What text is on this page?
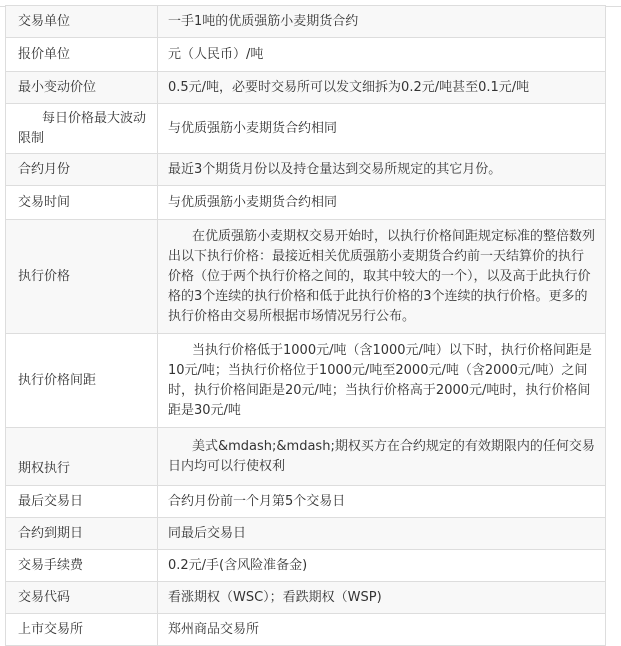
交易单位	一手1吨的优质强筋小麦期货合约
报价单位	元（人民币）/吨
最小变动价位	0.5元/吨，必要时交易所可以发文细拆为0.2元/吨甚至0.1元/吨
每日价格最大波动限制	与优质强筋小麦期货合约相同
合约月份	最近3个期货月份以及持仓量达到交易所规定的其它月份。
交易时间	与优质强筋小麦期货合约相同
执行价格	在优质强筋小麦期权交易开始时，以执行价格间距规定标准的整倍数列出以下执行价格：最接近相关优质强筋小麦期货合约前一天结算价的执行价格（位于两个执行价格之间的，取其中较大的一个），以及高于此执行价格的3个连续的执行价格和低于此执行价格的3个连续的执行价格。更多的执行价格由交易所根据市场情况另行公布。
执行价格间距	当执行价格低于1000元/吨（含1000元/吨）以下时，执行价格间距是10元/吨；当执行价格位于1000元/吨至2000元/吨（含2000元/吨）之间时，执行价格间距是20元/吨；当执行价格高于2000元/吨时，执行价格间距是30元/吨
期权执行	美式&mdash;&mdash;期权买方在合约规定的有效期限内的任何交易日内均可以行使权利
最后交易日	合约月份前一个月第5个交易日
合约到期日	同最后交易日
交易手续费	0.2元/手(含风险准备金)
交易代码	看涨期权（WSC）；看跌期权（WSP)
上市交易所	郑州商品交易所
